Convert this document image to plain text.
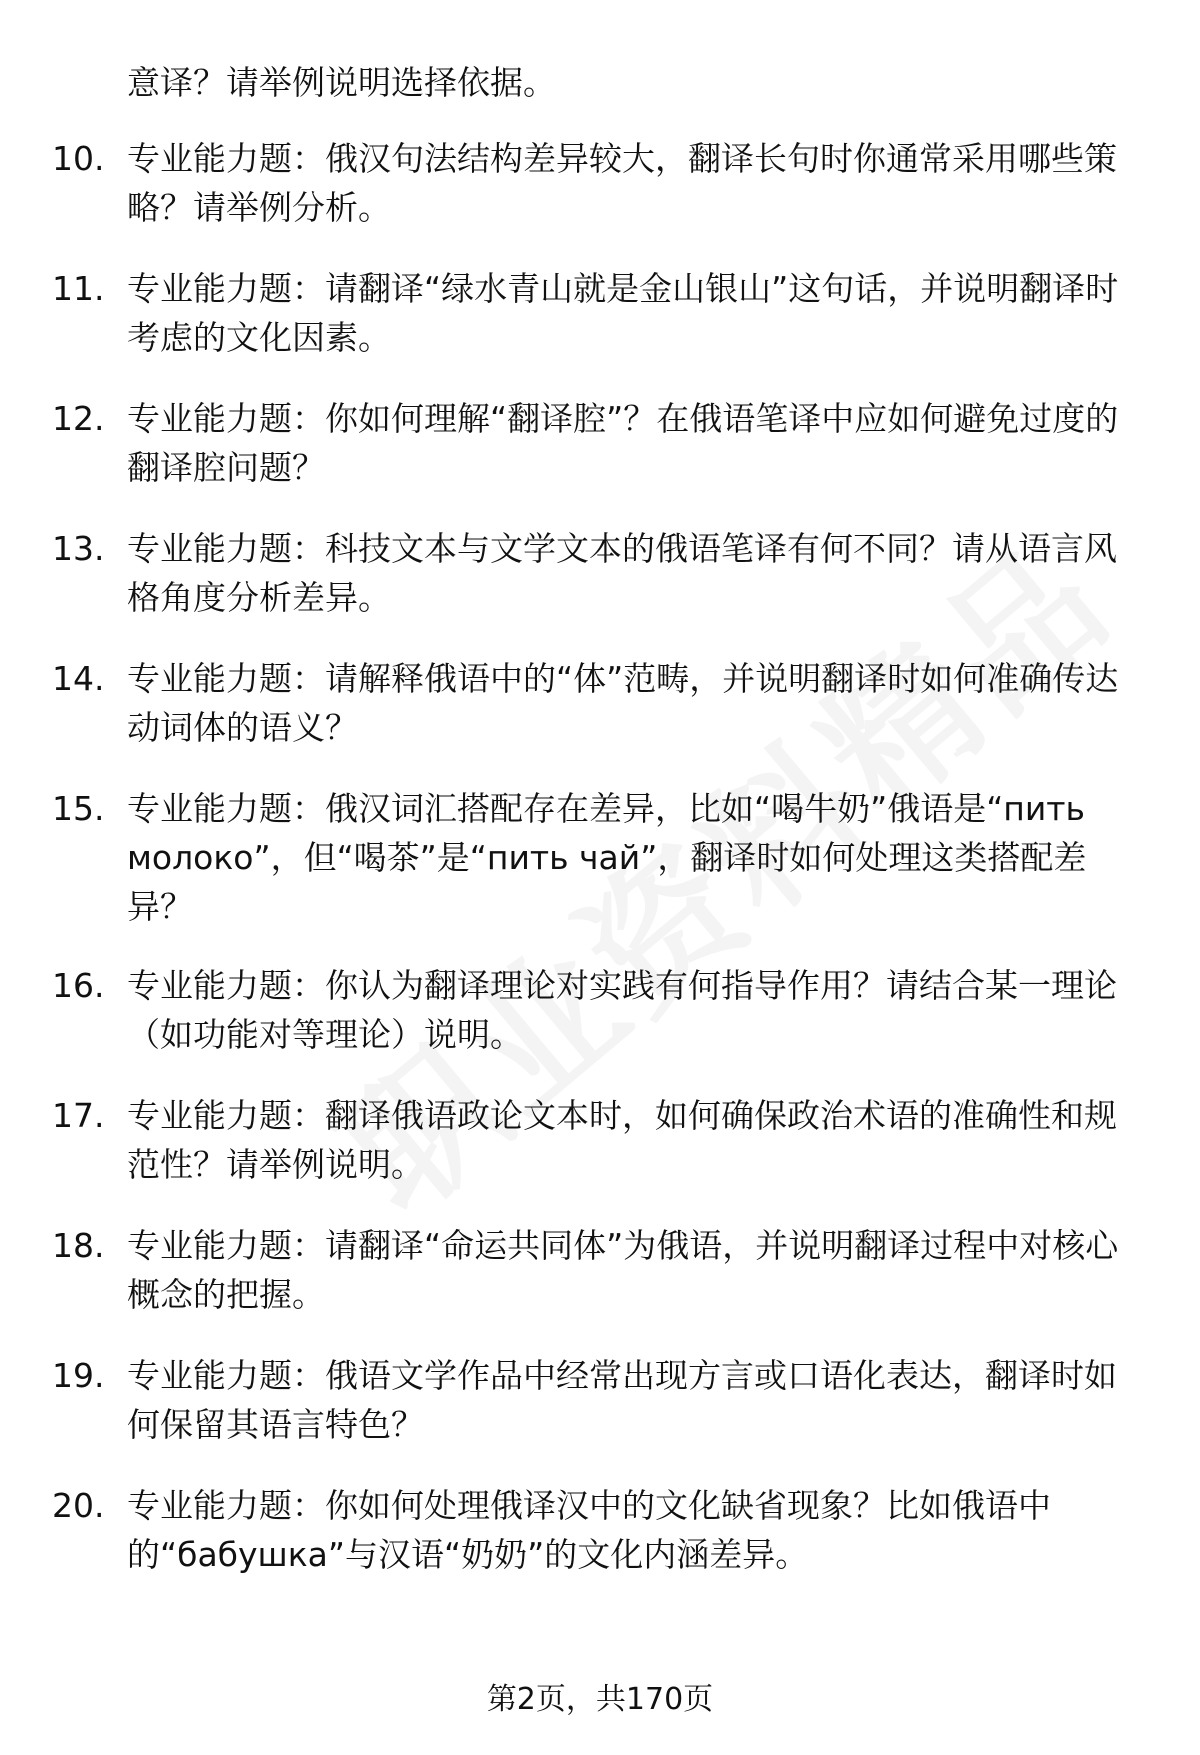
意译？请举例说明选择依据。
10. 专业能力题：俄汉句法结构差异较大，翻译长句时你通常采用哪些策略？请举例分析。
11. 专业能力题：请翻译“绿水青山就是金山银山”这句话，并说明翻译时考虑的文化因素。
12. 专业能力题：你如何理解“翻译腔”？在俄语笔译中应如何避免过度的翻译腔问题？
13. 专业能力题：科技文本与文学文本的俄语笔译有何不同？请从语言风格角度分析差异。
14. 专业能力题：请解释俄语中的“体”范畴，并说明翻译时如何准确传达动词体的语义？
15. 专业能力题：俄汉词汇搭配存在差异，比如“喝牛奶”俄语是“пить молоко”，但“喝茶”是“пить чай”，翻译时如何处理这类搭配差异？
16. 专业能力题：你认为翻译理论对实践有何指导作用？请结合某一理论（如功能对等理论）说明。
17. 专业能力题：翻译俄语政论文本时，如何确保政治术语的准确性和规范性？请举例说明。
18. 专业能力题：请翻译“命运共同体”为俄语，并说明翻译过程中对核心概念的把握。
19. 专业能力题：俄语文学作品中经常出现方言或口语化表达，翻译时如何保留其语言特色？
20. 专业能力题：你如何处理俄译汉中的文化缺省现象？比如俄语中的“бабушка”与汉语“奶奶”的文化内涵差异。
第2页，共170页
